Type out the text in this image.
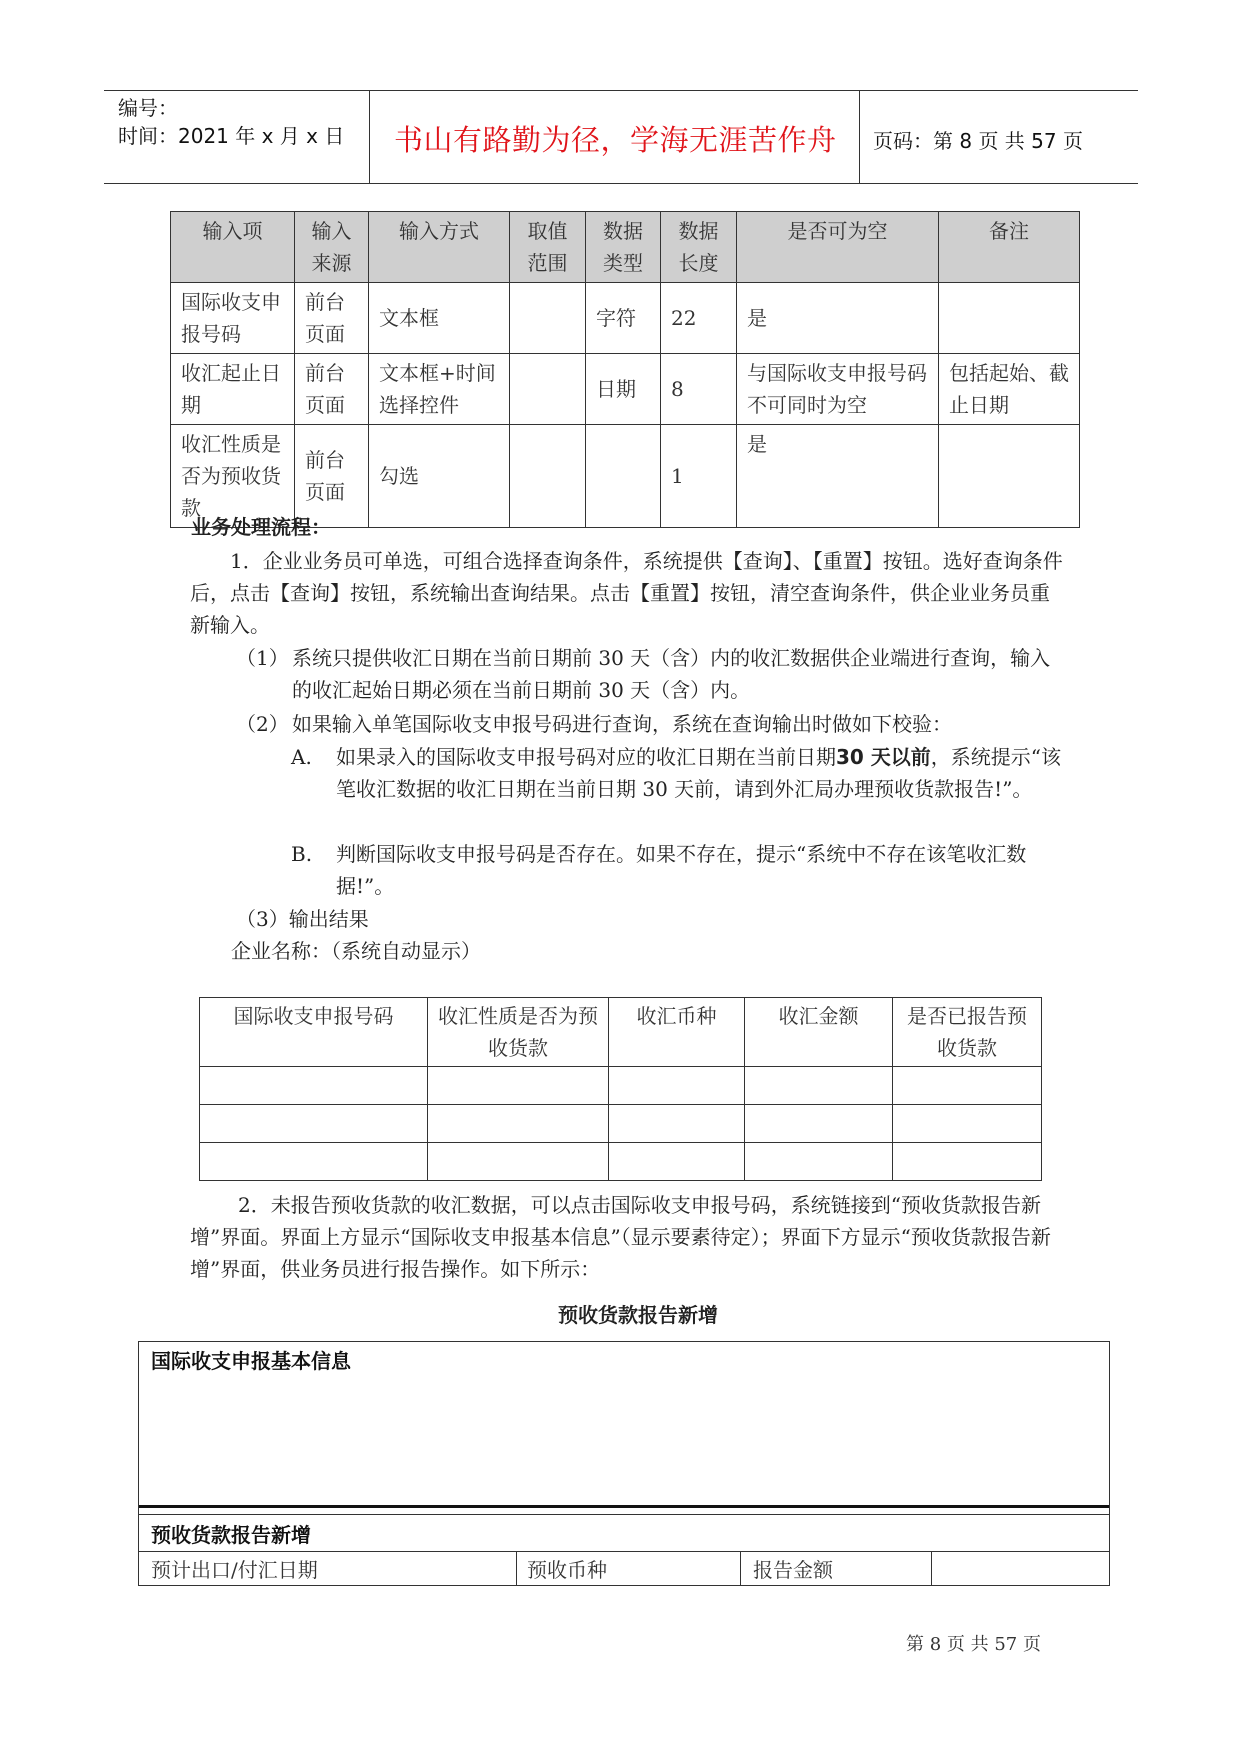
编号：
时间：2021 年 x 月 x 日 书山有路勤为径，学海无涯苦作舟 页码：第 8 页 共 57 页
输入项	输入来源	输入方式	取值范围	数据类型	数据长度	是否可为空	备注
国际收支申报号码	前台页面	文本框		字符	22	是	
收汇起止日期	前台页面	文本框+时间选择控件		日期	8	与国际收支申报号码不可同时为空	包括起始、截止日期
收汇性质是否为预收货款	前台页面	勾选			1	是	
业务处理流程：
1．企业业务员可单选，可组合选择查询条件，系统提供【查询】、【重置】按钮。选好查询条件后，点击【查询】按钮，系统输出查询结果。点击【重置】按钮，清空查询条件，供企业业务员重新输入。
（1） 系统只提供收汇日期在当前日期前 30 天（含）内的收汇数据供企业端进行查询，输入的收汇起始日期必须在当前日期前 30 天（含）内。
（2） 如果输入单笔国际收支申报号码进行查询，系统在查询输出时做如下校验：
A. 如果录入的国际收支申报号码对应的收汇日期在当前日期30 天以前，系统提示“该笔收汇数据的收汇日期在当前日期 30 天前，请到外汇局办理预收货款报告!”。
B. 判断国际收支申报号码是否存在。如果不存在，提示“系统中不存在该笔收汇数据!”。
（3）输出结果
企业名称：（系统自动显示）
国际收支申报号码	收汇性质是否为预收货款	收汇币种	收汇金额	是否已报告预收货款

2．未报告预收货款的收汇数据，可以点击国际收支申报号码，系统链接到“预收货款报告新增”界面。界面上方显示“国际收支申报基本信息”（显示要素待定）；界面下方显示“预收货款报告新增”界面，供业务员进行报告操作。如下所示：
预收货款报告新增
国际收支申报基本信息
预收货款报告新增
预计出口/付汇日期	预收币种	报告金额
第 8 页 共 57 页
